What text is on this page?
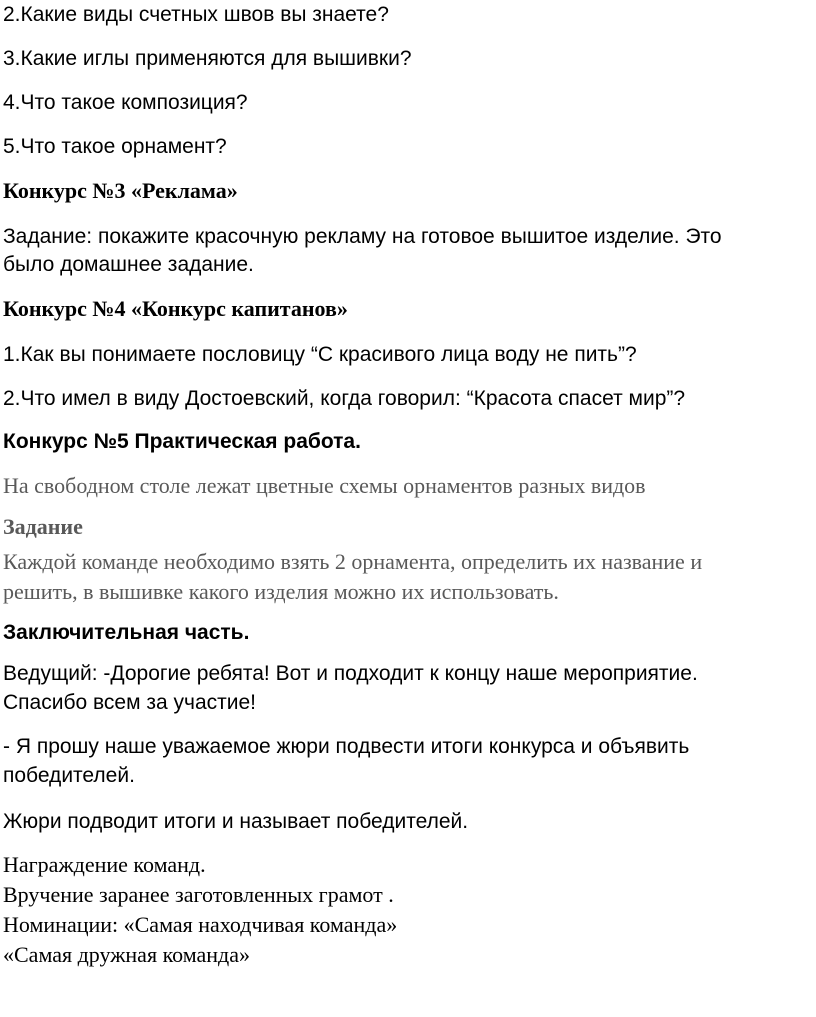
2.Какие виды счетных швов вы знаете?
3.Какие иглы применяются для вышивки?
4.Что такое композиция?
5.Что такое орнамент?
Конкурс №3 «Реклама»
Задание: покажите красочную рекламу на готовое вышитое изделие. Это
было домашнее задание.
Конкурс №4 «Конкурс капитанов»
1.Как вы понимаете пословицу “С красивого лица воду не пить”?
2.Что имел в виду Достоевский, когда говорил: “Красота спасет мир”?
Конкурс №5 Практическая работа.
На свободном столе лежат цветные схемы орнаментов разных видов
Задание
Каждой команде необходимо взять 2 орнамента, определить их название и
решить, в вышивке какого изделия можно их использовать.
Заключительная часть.
Ведущий: -Дорогие ребята! Вот и подходит к концу наше мероприятие.
Спасибо всем за участие!
- Я прошу наше уважаемое жюри подвести итоги конкурса и объявить
победителей.
Жюри подводит итоги и называет победителей.
Награждение команд.
Вручение заранее заготовленных грамот .
Номинации: «Самая находчивая команда»
«Самая дружная команда»
